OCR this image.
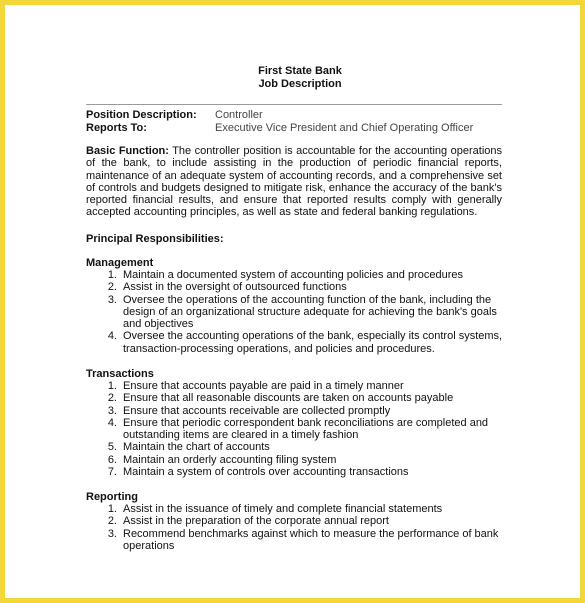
First State Bank
Job Description
Position Description:	Controller
Reports To:	Executive Vice President and Chief Operating Officer
Basic Function: The controller position is accountable for the accounting operations of the bank, to include assisting in the production of periodic financial reports, maintenance of an adequate system of accounting records, and a comprehensive set of controls and budgets designed to mitigate risk, enhance the accuracy of the bank's reported financial results, and ensure that reported results comply with generally accepted accounting principles, as well as state and federal banking regulations.
Principal Responsibilities:
Management
1. Maintain a documented system of accounting policies and procedures
2. Assist in the oversight of outsourced functions
3. Oversee the operations of the accounting function of the bank, including the design of an organizational structure adequate for achieving the bank's goals and objectives
4. Oversee the accounting operations of the bank, especially its control systems, transaction-processing operations, and policies and procedures.
Transactions
1. Ensure that accounts payable are paid in a timely manner
2. Ensure that all reasonable discounts are taken on accounts payable
3. Ensure that accounts receivable are collected promptly
4. Ensure that periodic correspondent bank reconciliations are completed and outstanding items are cleared in a timely fashion
5. Maintain the chart of accounts
6. Maintain an orderly accounting filing system
7. Maintain a system of controls over accounting transactions
Reporting
1. Assist in the issuance of timely and complete financial statements
2. Assist in the preparation of the corporate annual report
3. Recommend benchmarks against which to measure the performance of bank operations
